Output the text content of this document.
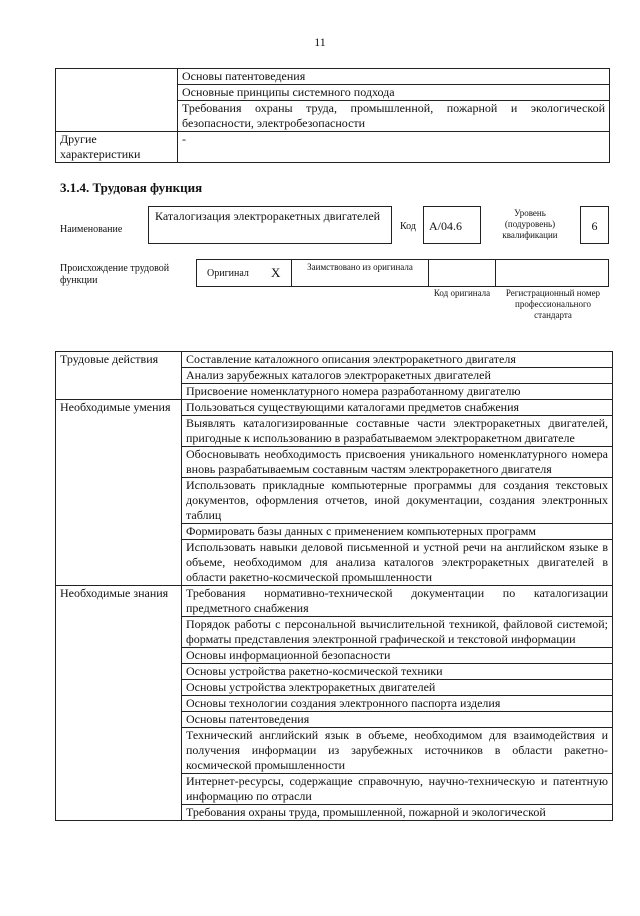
11
	Основы патентоведения
	Основные принципы системного подхода
	Требования охраны труда, промышленной, пожарной и экологической безопасности, электробезопасности
Другие характеристики	-
3.1.4. Трудовая функция
Наименование
Каталогизация электроракетных двигателей
Код	A/04.6
Уровень (подуровень) квалификации
6
Происхождение трудовой функции
Оригинал X	Заимствовано из оригинала
Код оригинала	Регистрационный номер профессионального стандарта
Трудовые действия	Составление каталожного описания электроракетного двигателя
	Анализ зарубежных каталогов электроракетных двигателей
	Присвоение номенклатурного номера разработанному двигателю
Необходимые умения	Пользоваться существующими каталогами предметов снабжения
	Выявлять каталогизированные составные части электроракетных двигателей, пригодные к использованию в разрабатываемом электроракетном двигателе
	Обосновывать необходимость присвоения уникального номенклатурного номера вновь разрабатываемым составным частям электроракетного двигателя
	Использовать прикладные компьютерные программы для создания текстовых документов, оформления отчетов, иной документации, создания электронных таблиц
	Формировать базы данных с применением компьютерных программ
	Использовать навыки деловой письменной и устной речи на английском языке в объеме, необходимом для анализа каталогов электроракетных двигателей в области ракетно-космической промышленности
Необходимые знания	Требования нормативно-технической документации по каталогизации предметного снабжения
	Порядок работы с персональной вычислительной техникой, файловой системой; форматы представления электронной графической и текстовой информации
	Основы информационной безопасности
	Основы устройства ракетно-космической техники
	Основы устройства электроракетных двигателей
	Основы технологии создания электронного паспорта изделия
	Основы патентоведения
	Технический английский язык в объеме, необходимом для взаимодействия и получения информации из зарубежных источников в области ракетно-космической промышленности
	Интернет-ресурсы, содержащие справочную, научно-техническую и патентную информацию по отрасли
	Требования охраны труда, промышленной, пожарной и экологической
